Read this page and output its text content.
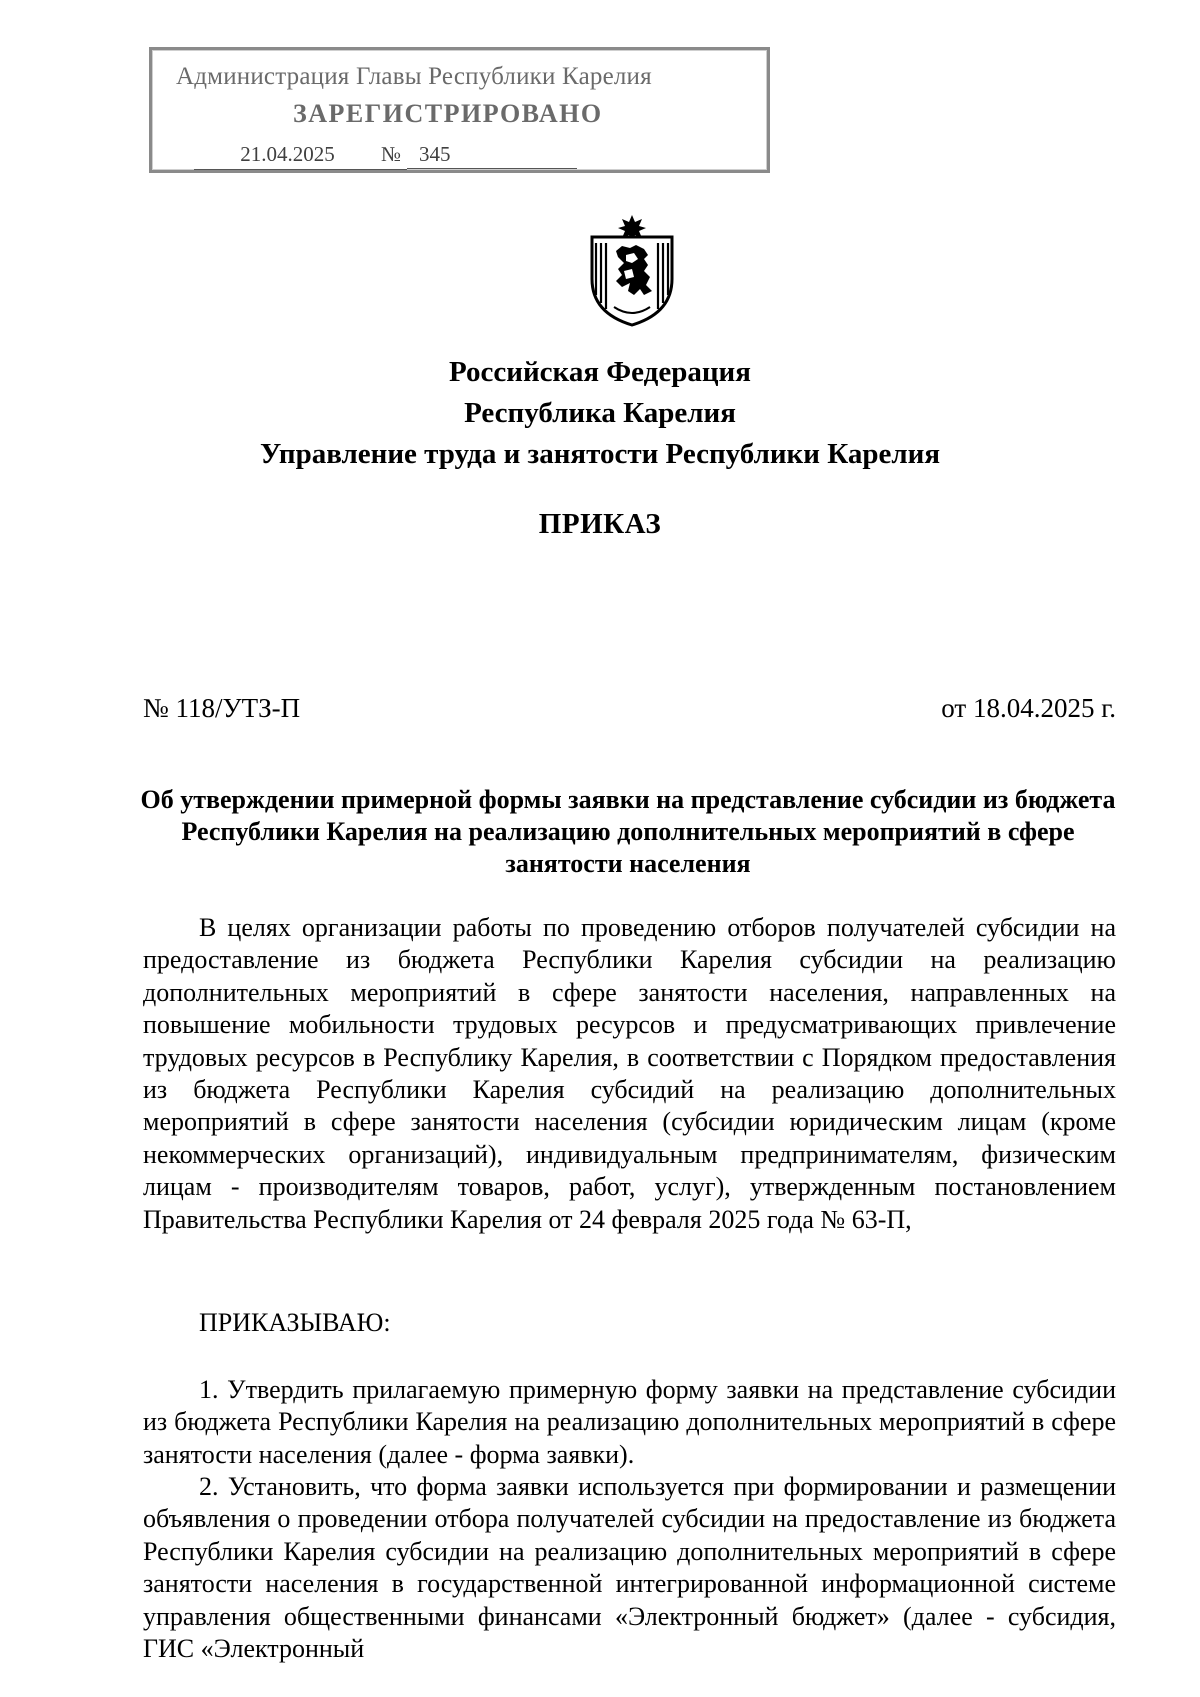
Администрация Главы Республики Карелия
ЗАРЕГИСТРИРОВАНО
21.04.2025 № 345
Российская Федерация
Республика Карелия
Управление труда и занятости Республики Карелия
ПРИКАЗ
№ 118/УТЗ-П	от 18.04.2025 г.
Об утверждении примерной формы заявки на представление субсидии из бюджета Республики Карелия на реализацию дополнительных мероприятий в сфере занятости населения
В целях организации работы по проведению отборов получателей субсидии на предоставление из бюджета Республики Карелия субсидии на реализацию дополнительных мероприятий в сфере занятости населения, направленных на повышение мобильности трудовых ресурсов и предусматривающих привлечение трудовых ресурсов в Республику Карелия, в соответствии с Порядком предоставления из бюджета Республики Карелия субсидий на реализацию дополнительных мероприятий в сфере занятости населения (субсидии юридическим лицам (кроме некоммерческих организаций), индивидуальным предпринимателям, физическим лицам - производителям товаров, работ, услуг), утвержденным постановлением Правительства Республики Карелия от 24 февраля 2025 года № 63-П,
ПРИКАЗЫВАЮ:
1. Утвердить прилагаемую примерную форму заявки на представление субсидии из бюджета Республики Карелия на реализацию дополнительных мероприятий в сфере занятости населения (далее - форма заявки).
2. Установить, что форма заявки используется при формировании и размещении объявления о проведении отбора получателей субсидии на предоставление из бюджета Республики Карелия субсидии на реализацию дополнительных мероприятий в сфере занятости населения в государственной интегрированной информационной системе управления общественными финансами «Электронный бюджет» (далее - субсидия, ГИС «Электронный
